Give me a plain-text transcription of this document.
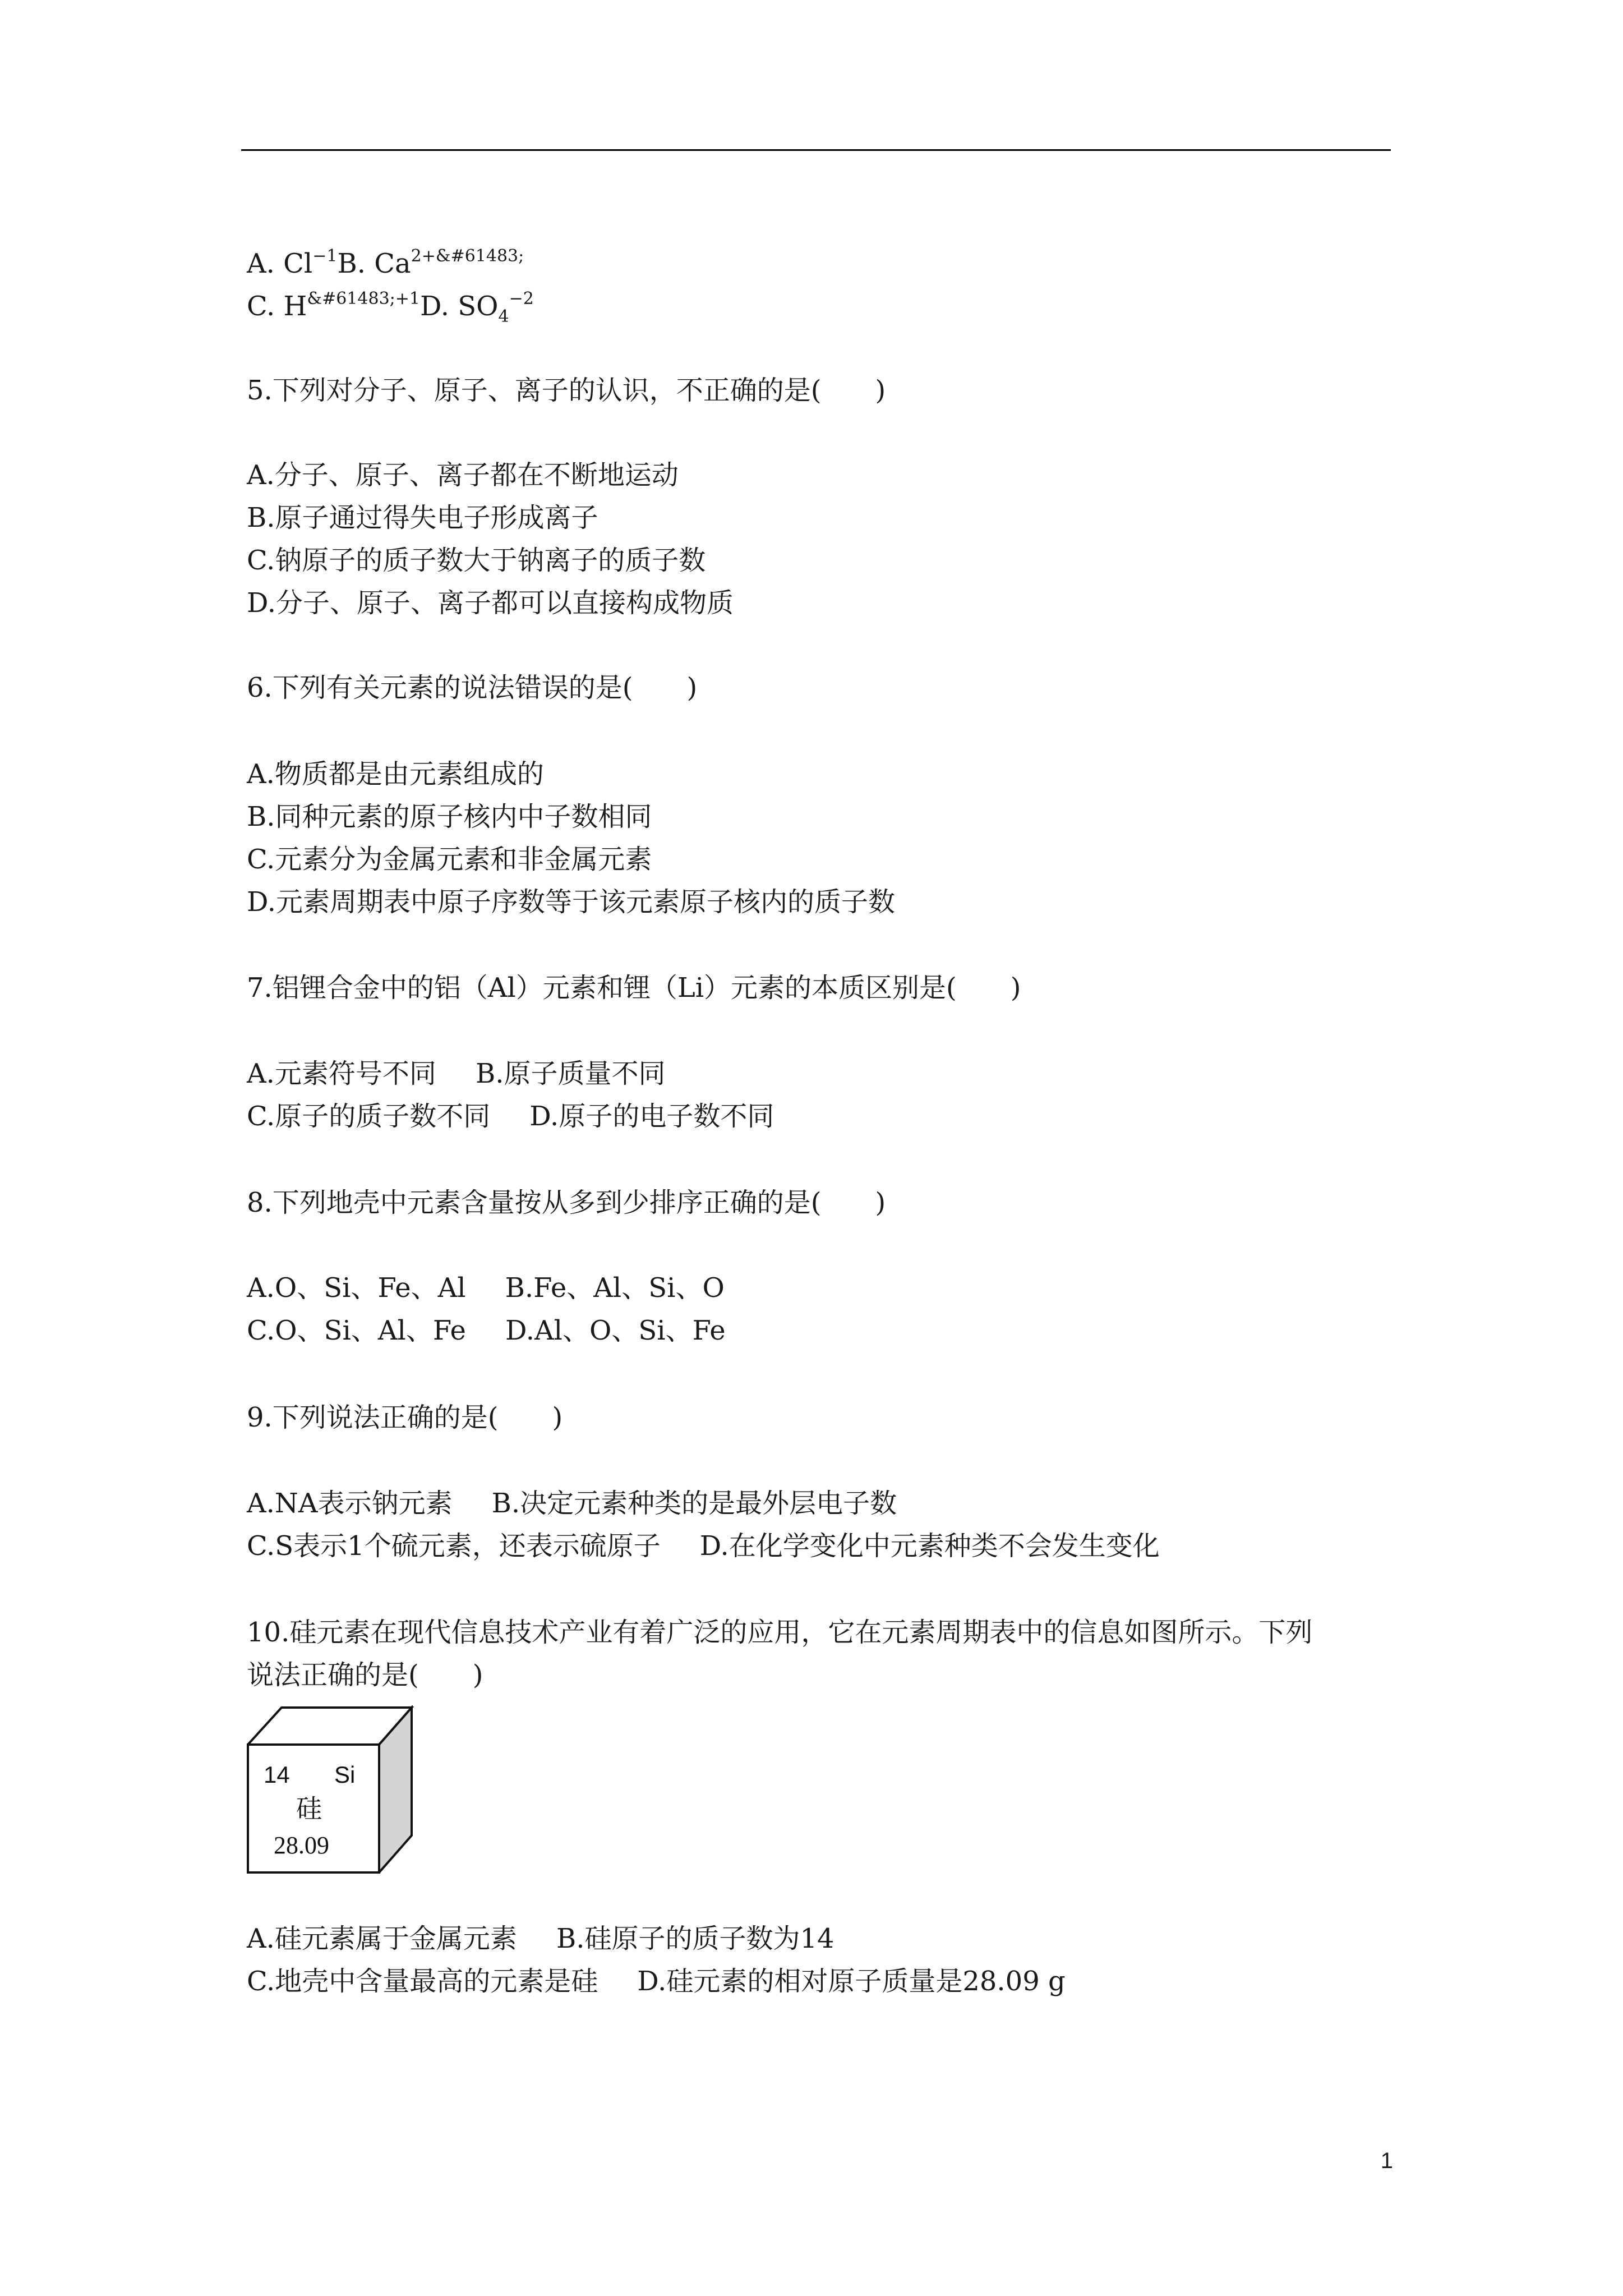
A. $Cl^{-1}B$. $Ca^{2+\&\#61483;}$
C. $H^{\&\#61483;+1}D$. $SO_4^{-2}$
5.下列对分子、原子、离子的认识，不正确的是(　　)
A.分子、原子、离子都在不断地运动
B.原子通过得失电子形成离子
C.钠原子的质子数大于钠离子的质子数
D.分子、原子、离子都可以直接构成物质
6.下列有关元素的说法错误的是(　　)
A.物质都是由元素组成的
B.同种元素的原子核内中子数相同
C.元素分为金属元素和非金属元素
D.元素周期表中原子序数等于该元素原子核内的质子数
7.铝锂合金中的铝（Al）元素和锂（Li）元素的本质区别是(　　)
A.元素符号不同 B.原子质量不同
C.原子的质子数不同 D.原子的电子数不同
8.下列地壳中元素含量按从多到少排序正确的是(　　)
A.O、Si、Fe、Al B.Fe、Al、Si、O
C.O、Si、Al、Fe D.Al、O、Si、Fe
9.下列说法正确的是(　　)
A.NA表示钠元素 B.决定元素种类的是最外层电子数
C.S表示1个硫元素，还表示硫原子 D.在化学变化中元素种类不会发生变化
10.硅元素在现代信息技术产业有着广泛的应用，它在元素周期表中的信息如图所示。下列
说法正确的是(　　)
14 Si
硅
28.09
A.硅元素属于金属元素 B.硅原子的质子数为14
C.地壳中含量最高的元素是硅 D.硅元素的相对原子质量是28.09 g
1
